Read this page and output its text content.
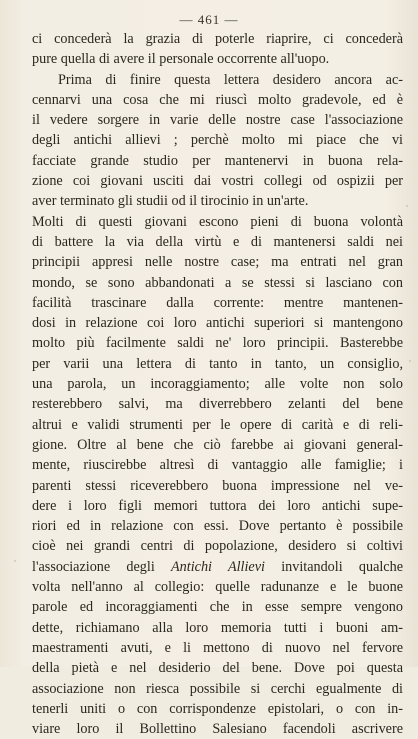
— 461 —
ci concederà la grazia di poterle riaprire, ci concederà
pure quella di avere il personale occorrente all'uopo.
Prima di finire questa lettera desidero ancora ac-
cennarvi una cosa che mi riuscì molto gradevole, ed è
il vedere sorgere in varie delle nostre case l'associazione
degli antichi allievi ; perchè molto mi piace che vi
facciate grande studio per mantenervi in buona rela-
zione coi giovani usciti dai vostri collegi od ospizii per
aver terminato gli studii od il tirocinio in un'arte.
Molti di questi giovani escono pieni di buona volontà
di battere la via della virtù e di mantenersi saldi nei
principii appresi nelle nostre case; ma entrati nel gran
mondo, se sono abbandonati a se stessi si lasciano con
facilità trascinare dalla corrente: mentre mantenen-
dosi in relazione coi loro antichi superiori si mantengono
molto più facilmente saldi ne' loro principii. Basterebbe
per varii una lettera di tanto in tanto, un consiglio,
una parola, un incoraggiamento; alle volte non solo
resterebbero salvi, ma diverrebbero zelanti del bene
altrui e validi strumenti per le opere di carità e di reli-
gione. Oltre al bene che ciò farebbe ai giovani general-
mente, riuscirebbe altresì di vantaggio alle famiglie; i
parenti stessi riceverebbero buona impressione nel ve-
dere i loro figli memori tuttora dei loro antichi supe-
riori ed in relazione con essi. Dove pertanto è possibile
cioè nei grandi centri di popolazione, desidero si coltivi
l'associazione degli Antichi Allievi invitandoli qualche
volta nell'anno al collegio: quelle radunanze e le buone
parole ed incoraggiamenti che in esse sempre vengono
dette, richiamano alla loro memoria tutti i buoni am-
maestramenti avuti, e li mettono di nuovo nel fervore
della pietà e nel desiderio del bene. Dove poi questa
associazione non riesca possibile si cerchi egualmente di
tenerli uniti o con corrispondenze epistolari, o con in-
viare loro il Bollettino Salesiano facendoli ascrivere
